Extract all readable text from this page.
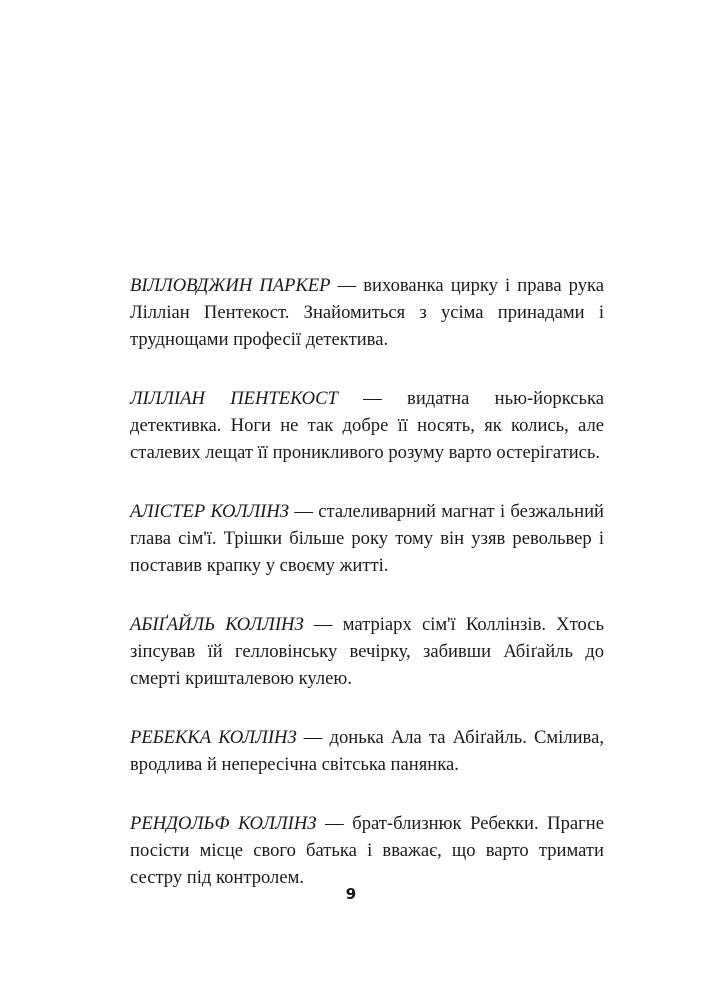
ВІЛЛОВДЖИН ПАРКЕР — вихованка цирку і права рука Лілліан Пентекост. Знайомиться з усіма принадами і труднощами професії детектива.

ЛІЛЛІАН ПЕНТЕКОСТ — видатна нью-йоркська детективка. Ноги не так добре її носять, як колись, але сталевих лещат її проникливого розуму варто остерігатись.

АЛІСТЕР КОЛЛІНЗ — сталеливарний магнат і безжальний глава сім'ї. Трішки більше року тому він узяв револьвер і поставив крапку у своєму житті.

АБІҐАЙЛЬ КОЛЛІНЗ — матріарх сім'ї Коллінзів. Хтось зіпсував їй гелловінську вечірку, забивши Абіґайль до смерті кришталевою кулею.

РЕБЕККА КОЛЛІНЗ — донька Ала та Абіґайль. Смілива, вродлива й непересічна світська панянка.

РЕНДОЛЬФ КОЛЛІНЗ — брат-близнюк Ребекки. Прагне посісти місце свого батька і вважає, що варто тримати сестру під контролем.

9
